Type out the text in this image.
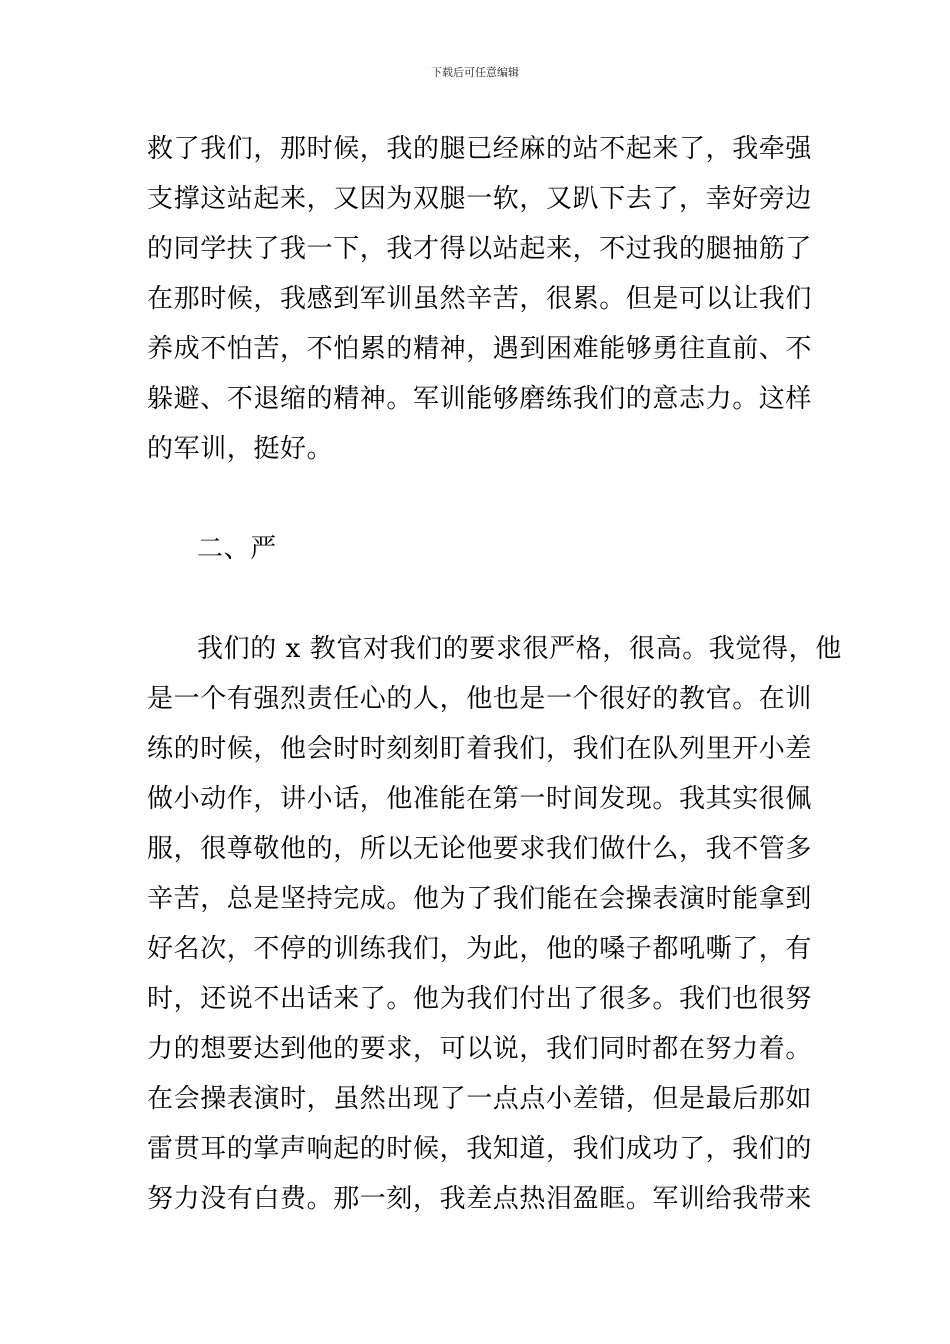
下载后可任意编辑
救了我们，那时候，我的腿已经麻的站不起来了，我牵强
支撑这站起来，又因为双腿一软，又趴下去了，幸好旁边
的同学扶了我一下，我才得以站起来，不过我的腿抽筋了
在那时候，我感到军训虽然辛苦，很累。但是可以让我们
养成不怕苦，不怕累的精神，遇到困难能够勇往直前、不
躲避、不退缩的精神。军训能够磨练我们的意志力。这样
的军训，挺好。
二、严
我们的 x 教官对我们的要求很严格，很高。我觉得，他
是一个有强烈责任心的人，他也是一个很好的教官。在训
练的时候，他会时时刻刻盯着我们，我们在队列里开小差
做小动作，讲小话，他准能在第一时间发现。我其实很佩
服，很尊敬他的，所以无论他要求我们做什么，我不管多
辛苦，总是坚持完成。他为了我们能在会操表演时能拿到
好名次，不停的训练我们，为此，他的嗓子都吼嘶了，有
时，还说不出话来了。他为我们付出了很多。我们也很努
力的想要达到他的要求，可以说，我们同时都在努力着。
在会操表演时，虽然出现了一点点小差错，但是最后那如
雷贯耳的掌声响起的时候，我知道，我们成功了，我们的
努力没有白费。那一刻，我差点热泪盈眶。军训给我带来
